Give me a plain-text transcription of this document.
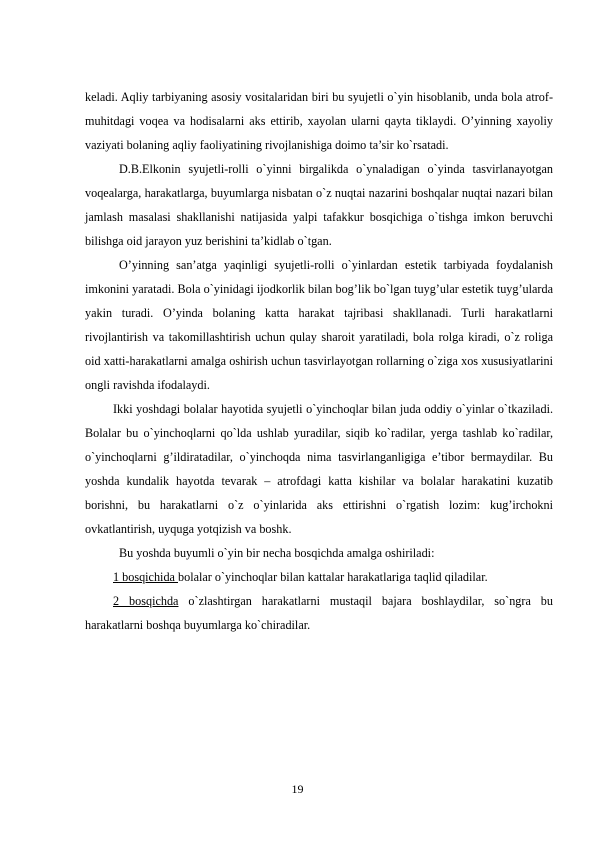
keladi. Aqliy tarbiyaning asosiy vositalaridan biri bu syujetli o`yin hisoblanib, unda bola atrof-muhitdagi voqea va hodisalarni aks ettirib, xayolan ularni qayta tiklaydi. O’yinning xayoliy vaziyati bolaning aqliy faoliyatining rivojlanishiga doimo ta’sir ko`rsatadi.

D.B.Elkonin syujetli-rolli o`yinni birgalikda o`ynaladigan o`yinda tasvirlanayotgan voqealarga, harakatlarga, buyumlarga nisbatan o`z nuqtai nazarini boshqalar nuqtai nazari bilan jamlash masalasi shakllanishi natijasida yalpi tafakkur bosqichiga o`tishga imkon beruvchi bilishga oid jarayon yuz berishini ta’kidlab o`tgan.

O’yinning san’atga yaqinligi syujetli-rolli o`yinlardan estetik tarbiyada foydalanish imkonini yaratadi. Bola o`yinidagi ijodkorlik bilan bog’lik bo`lgan tuyg’ular estetik tuyg’ularda yakin turadi. O’yinda bolaning katta harakat tajribasi shakllanadi. Turli harakatlarni rivojlantirish va takomillashtirish uchun qulay sharoit yaratiladi, bola rolga kiradi, o`z roliga oid xatti-harakatlarni amalga oshirish uchun tasvirlayotgan rollarning o`ziga xos xususiyatlarini ongli ravishda ifodalaydi.

Ikki yoshdagi bolalar hayotida syujetli o`yinchoqlar bilan juda oddiy o`yinlar o`tkaziladi. Bolalar bu o`yinchoqlarni qo`lda ushlab yuradilar, siqib ko`radilar, yerga tashlab ko`radilar, o`yinchoqlarni g’ildiratadilar, o`yinchoqda nima tasvirlanganligiga e’tibor bermaydilar. Bu yoshda kundalik hayotda tevarak – atrofdagi katta kishilar va bolalar harakatini kuzatib borishni, bu harakatlarni o`z o`yinlarida aks ettirishni o`rgatish lozim: kug’irchokni ovkatlantirish, uyquga yotqizish va boshk.

Bu yoshda buyumli o`yin bir necha bosqichda amalga oshiriladi:

1 bosqichida bolalar o`yinchoqlar bilan kattalar harakatlariga taqlid qiladilar.

2 bosqichda o`zlashtirgan harakatlarni mustaqil bajara boshlaydilar, so`ngra bu harakatlarni boshqa buyumlarga ko`chiradilar.

19
